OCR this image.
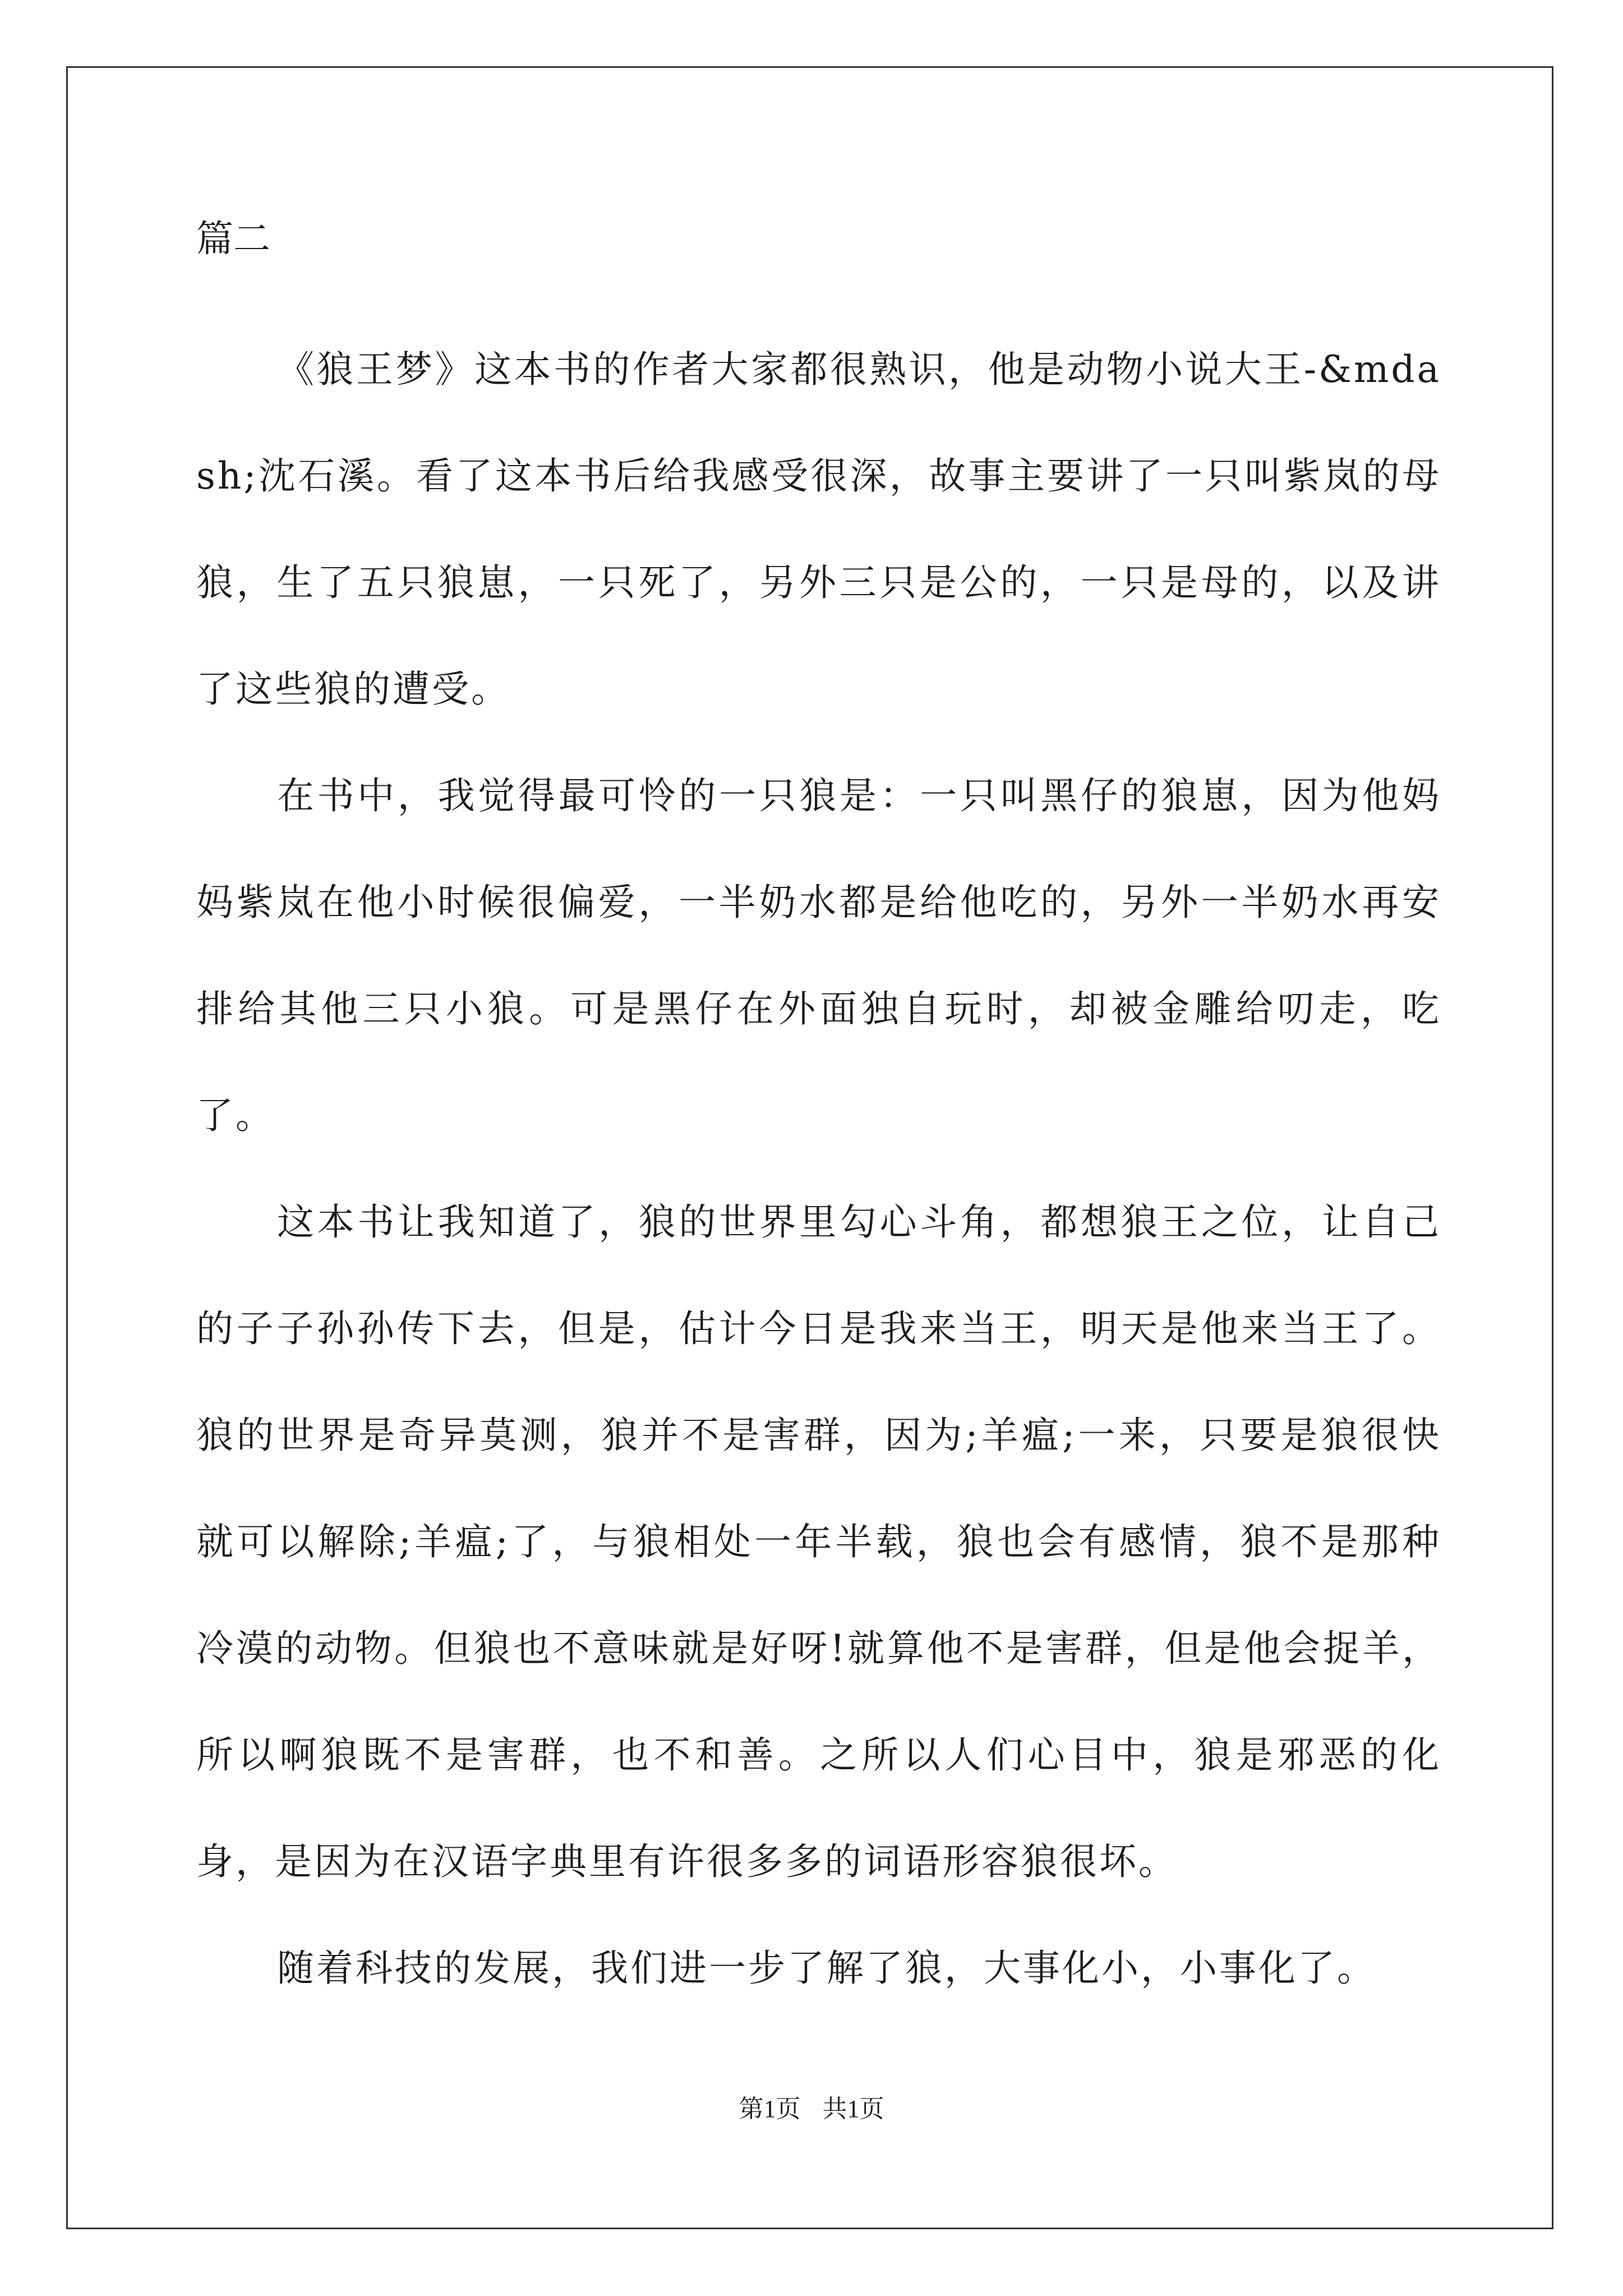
篇二

《狼王梦》这本书的作者大家都很熟识，他是动物小说大王-&mdash;沈石溪。看了这本书后给我感受很深，故事主要讲了一只叫紫岚的母狼，生了五只狼崽，一只死了，另外三只是公的，一只是母的，以及讲了这些狼的遭受。

在书中，我觉得最可怜的一只狼是：一只叫黑仔的狼崽，因为他妈妈紫岚在他小时候很偏爱，一半奶水都是给他吃的，另外一半奶水再安排给其他三只小狼。可是黑仔在外面独自玩时，却被金雕给叨走，吃了。

这本书让我知道了，狼的世界里勾心斗角，都想狼王之位，让自己的子子孙孙传下去，但是，估计今日是我来当王，明天是他来当王了。狼的世界是奇异莫测，狼并不是害群，因为;羊瘟;一来，只要是狼很快就可以解除;羊瘟;了，与狼相处一年半载，狼也会有感情，狼不是那种冷漠的动物。但狼也不意味就是好呀!就算他不是害群，但是他会捉羊，所以啊狼既不是害群，也不和善。之所以人们心目中，狼是邪恶的化身，是因为在汉语字典里有许很多多的词语形容狼很坏。

随着科技的发展，我们进一步了解了狼，大事化小，小事化了。

第1页 共1页
